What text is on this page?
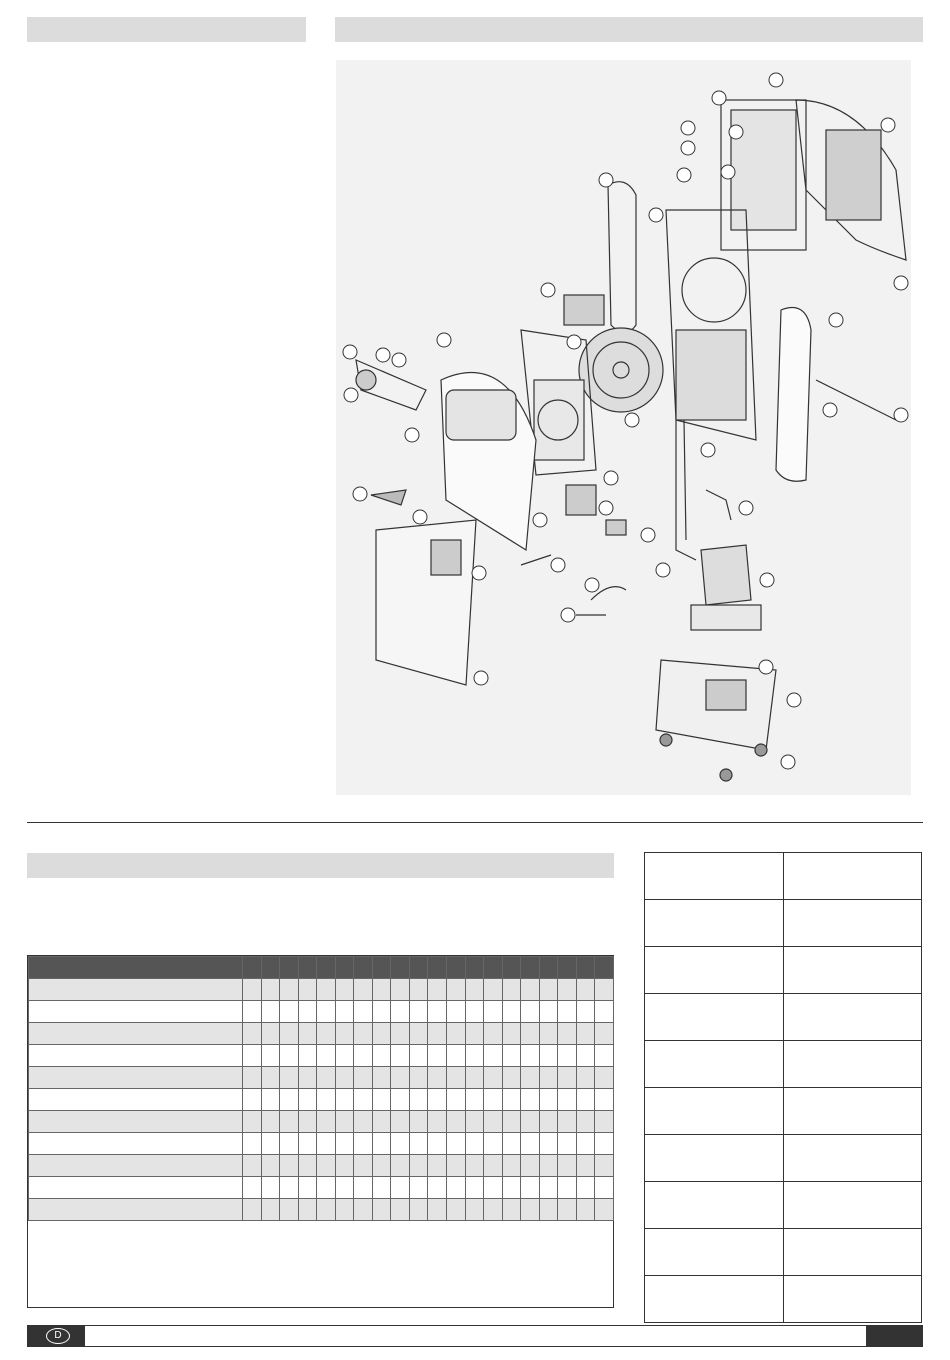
D
